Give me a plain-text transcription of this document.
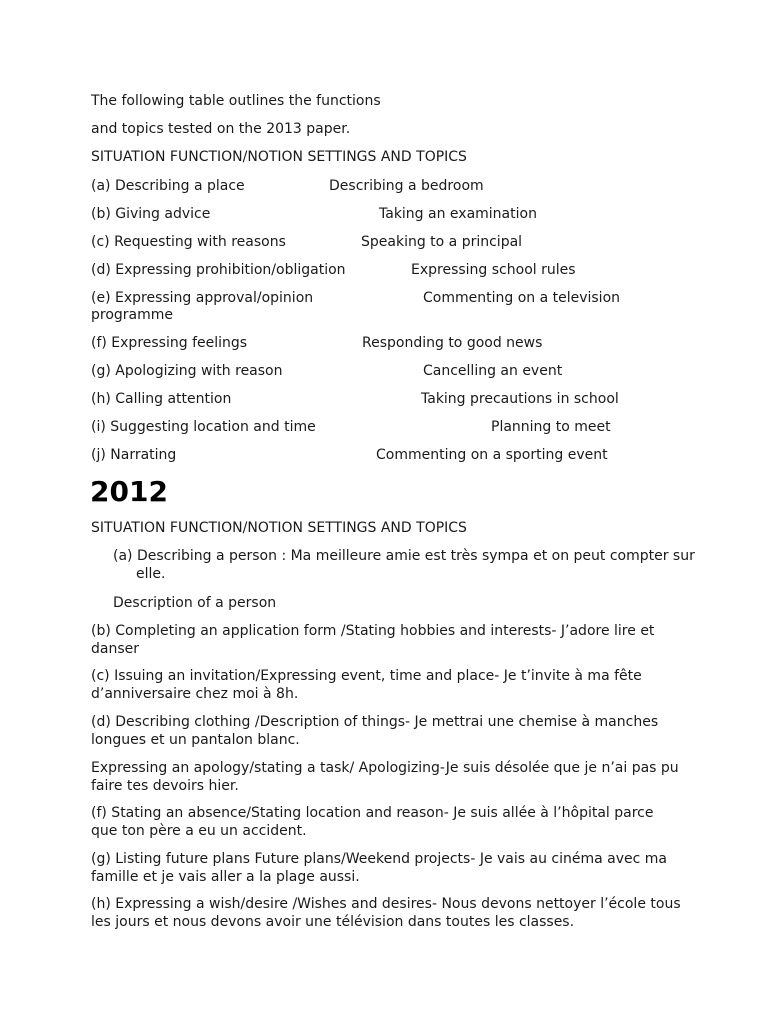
The following table outlines the functions
and topics tested on the 2013 paper.
SITUATION FUNCTION/NOTION SETTINGS AND TOPICS
(a) Describing a place	Describing a bedroom
(b) Giving advice	Taking an examination
(c) Requesting with reasons	Speaking to a principal
(d) Expressing prohibition/obligation	Expressing school rules
(e) Expressing approval/opinion	Commenting on a television
programme
(f) Expressing feelings	Responding to good news
(g) Apologizing with reason	Cancelling an event
(h) Calling attention	Taking precautions in school
(i) Suggesting location and time	Planning to meet
(j) Narrating	Commenting on a sporting event
2012
SITUATION FUNCTION/NOTION SETTINGS AND TOPICS
(a) Describing a person : Ma meilleure amie est très sympa et on peut compter sur elle.
Description of a person
(b) Completing an application form /Stating hobbies and interests- J’adore lire et danser
(c) Issuing an invitation/Expressing event, time and place- Je t’invite à ma fête d’anniversaire chez moi à 8h.
(d) Describing clothing /Description of things- Je mettrai une chemise à manches longues et un pantalon blanc.
Expressing an apology/stating a task/ Apologizing-Je suis désolée que je n’ai pas pu faire tes devoirs hier.
(f) Stating an absence/Stating location and reason- Je suis allée à l’hôpital parce que ton père a eu un accident.
(g) Listing future plans Future plans/Weekend projects- Je vais au cinéma avec ma famille et je vais aller a la plage aussi.
(h) Expressing a wish/desire /Wishes and desires- Nous devons nettoyer l’école tous les jours et nous devons avoir une télévision dans toutes les classes.
